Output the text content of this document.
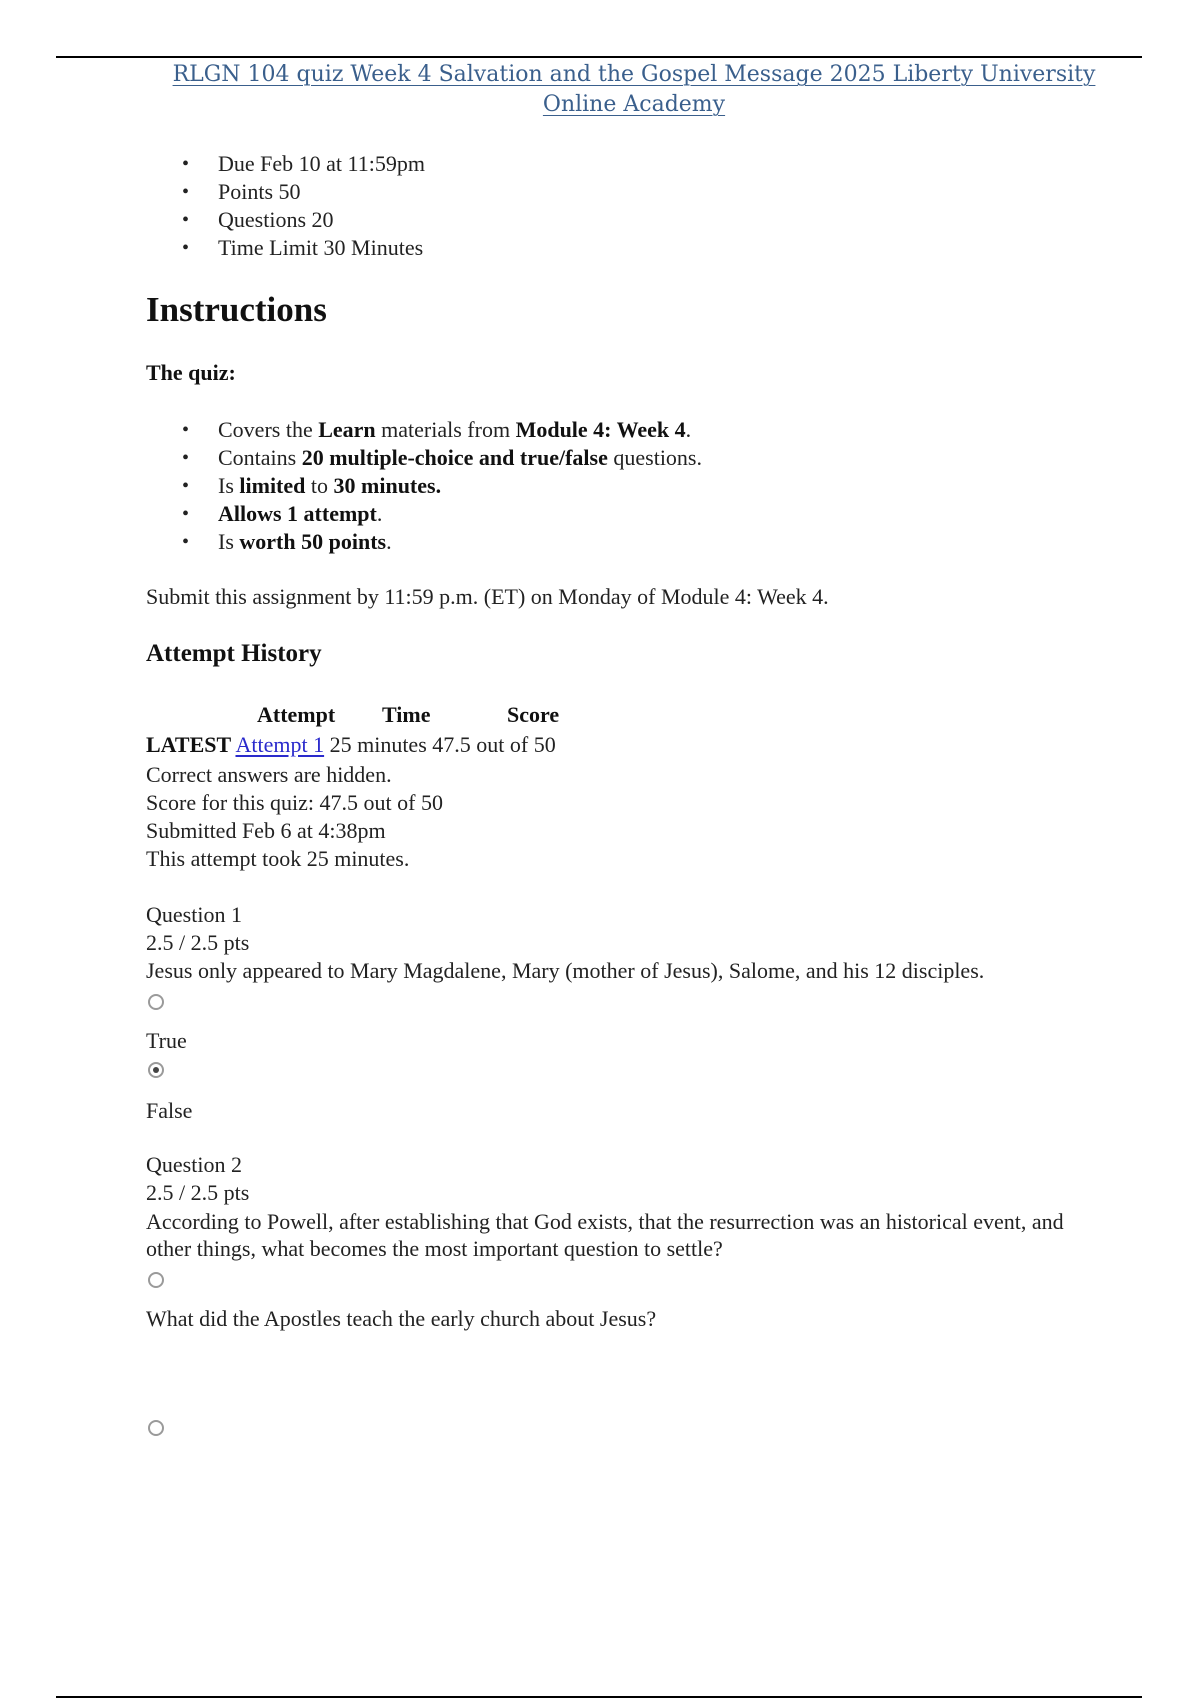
RLGN 104 quiz Week 4 Salvation and the Gospel Message 2025 Liberty University Online Academy
• Due Feb 10 at 11:59pm
• Points 50
• Questions 20
• Time Limit 30 Minutes
Instructions
The quiz:
• Covers the Learn materials from Module 4: Week 4.
• Contains 20 multiple-choice and true/false questions.
• Is limited to 30 minutes.
• Allows 1 attempt.
• Is worth 50 points.
Submit this assignment by 11:59 p.m. (ET) on Monday of Module 4: Week 4.
Attempt History
Attempt Time	Score
LATEST Attempt 1 25 minutes 47.5 out of 50
Correct answers are hidden.
Score for this quiz: 47.5 out of 50
Submitted Feb 6 at 4:38pm
This attempt took 25 minutes.
Question 1
2.5 / 2.5 pts
Jesus only appeared to Mary Magdalene, Mary (mother of Jesus), Salome, and his 12 disciples.
True
False
Question 2
2.5 / 2.5 pts
According to Powell, after establishing that God exists, that the resurrection was an historical event, and other things, what becomes the most important question to settle?
What did the Apostles teach the early church about Jesus?
